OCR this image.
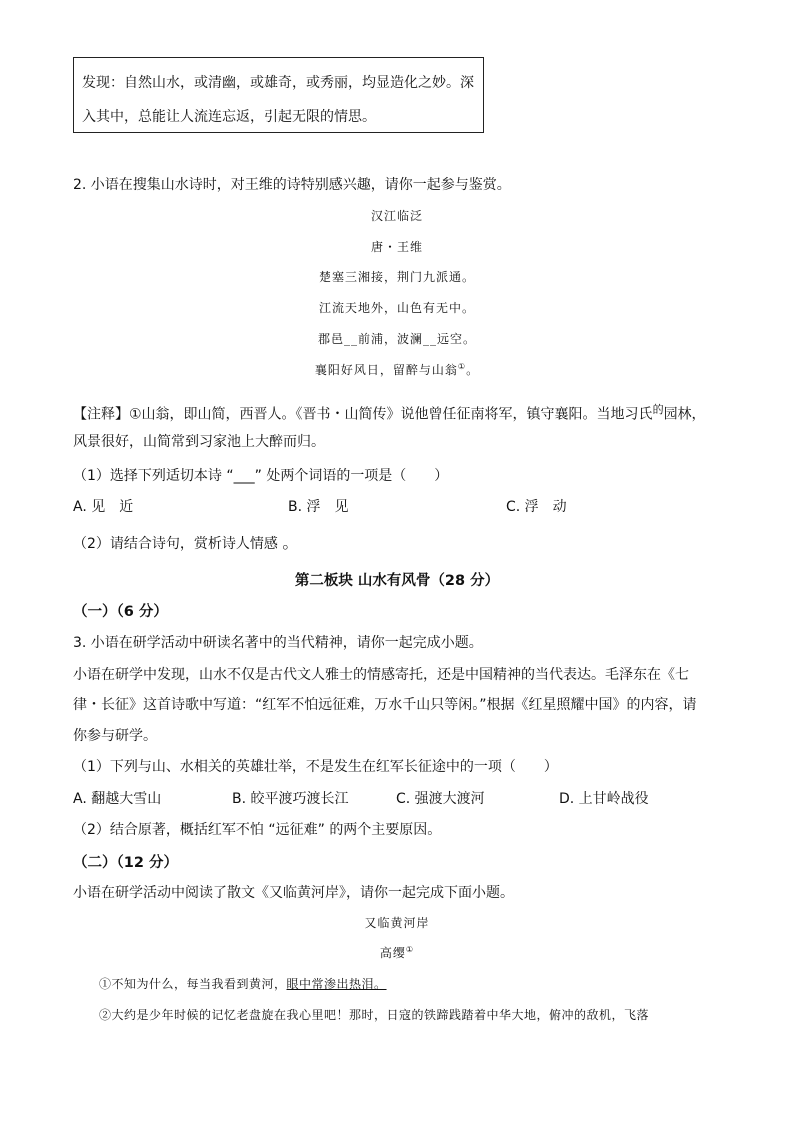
发现：自然山水，或清幽，或雄奇，或秀丽，均显造化之妙。深
入其中，总能让人流连忘返，引起无限的情思。
2. 小语在搜集山水诗时，对王维的诗特别感兴趣，请你一起参与鉴赏。
汉江临泛
唐・王维
楚塞三湘接，荆门九派通。
江流天地外，山色有无中。
郡邑__前浦，波澜__远空。
襄阳好风日，留醉与山翁①。
【注释】①山翁，即山简，西晋人。《晋书・山简传》说他曾任征南将军，镇守襄阳。当地习氏$^的$园林，
风景很好，山简常到习家池上大醉而归。
（1）选择下列适切本诗 “___” 处两个词语的一项是（　　）
A. 见　近	B. 浮　见	C. 浮　动
（2）请结合诗句，赏析诗人情感 。
第二板块 山水有风骨（28 分）
（一）（6 分）
3. 小语在研学活动中研读名著中的当代精神，请你一起完成小题。
小语在研学中发现，山水不仅是古代文人雅士的情感寄托，还是中国精神的当代表达。毛泽东在《七
律・长征》这首诗歌中写道：“红军不怕远征难，万水千山只等闲。”根据《红星照耀中国》的内容，请
你参与研学。
（1）下列与山、水相关的英雄壮举，不是发生在红军长征途中的一项（　　）
A. 翻越大雪山	B. 皎平渡巧渡长江	C. 强渡大渡河	D. 上甘岭战役
（2）结合原著，概括红军不怕 “远征难” 的两个主要原因。
（二）（12 分）
小语在研学活动中阅读了散文《又临黄河岸》，请你一起完成下面小题。
又临黄河岸
高缨①
①不知为什么，每当我看到黄河，眼中常渗出热泪。
②大约是少年时候的记忆老盘旋在我心里吧！那时，日寇的铁蹄践踏着中华大地，俯冲的敌机，飞落
